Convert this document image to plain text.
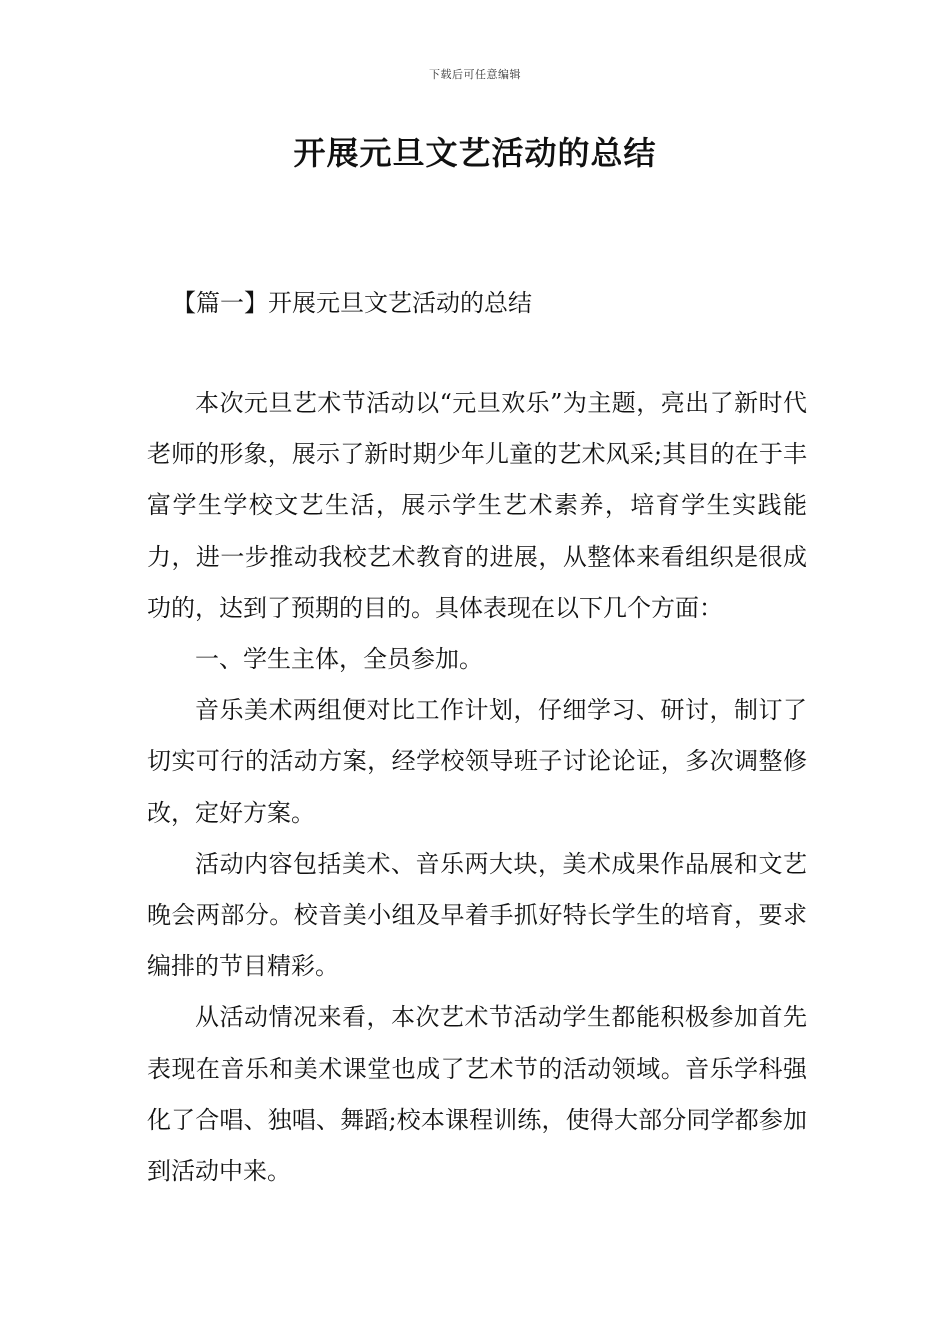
下载后可任意编辑
开展元旦文艺活动的总结
【篇一】开展元旦文艺活动的总结

本次元旦艺术节活动以“元旦欢乐”为主题，亮出了新时代老师的形象，展示了新时期少年儿童的艺术风采;其目的在于丰富学生学校文艺生活，展示学生艺术素养，培育学生实践能力，进一步推动我校艺术教育的进展，从整体来看组织是很成功的，达到了预期的目的。具体表现在以下几个方面：

一、学生主体，全员参加。

音乐美术两组便对比工作计划，仔细学习、研讨，制订了切实可行的活动方案，经学校领导班子讨论论证，多次调整修改，定好方案。

活动内容包括美术、音乐两大块，美术成果作品展和文艺晚会两部分。校音美小组及早着手抓好特长学生的培育，要求编排的节目精彩。

从活动情况来看，本次艺术节活动学生都能积极参加首先表现在音乐和美术课堂也成了艺术节的活动领域。音乐学科强化了合唱、独唱、舞蹈;校本课程训练，使得大部分同学都参加到活动中来。
